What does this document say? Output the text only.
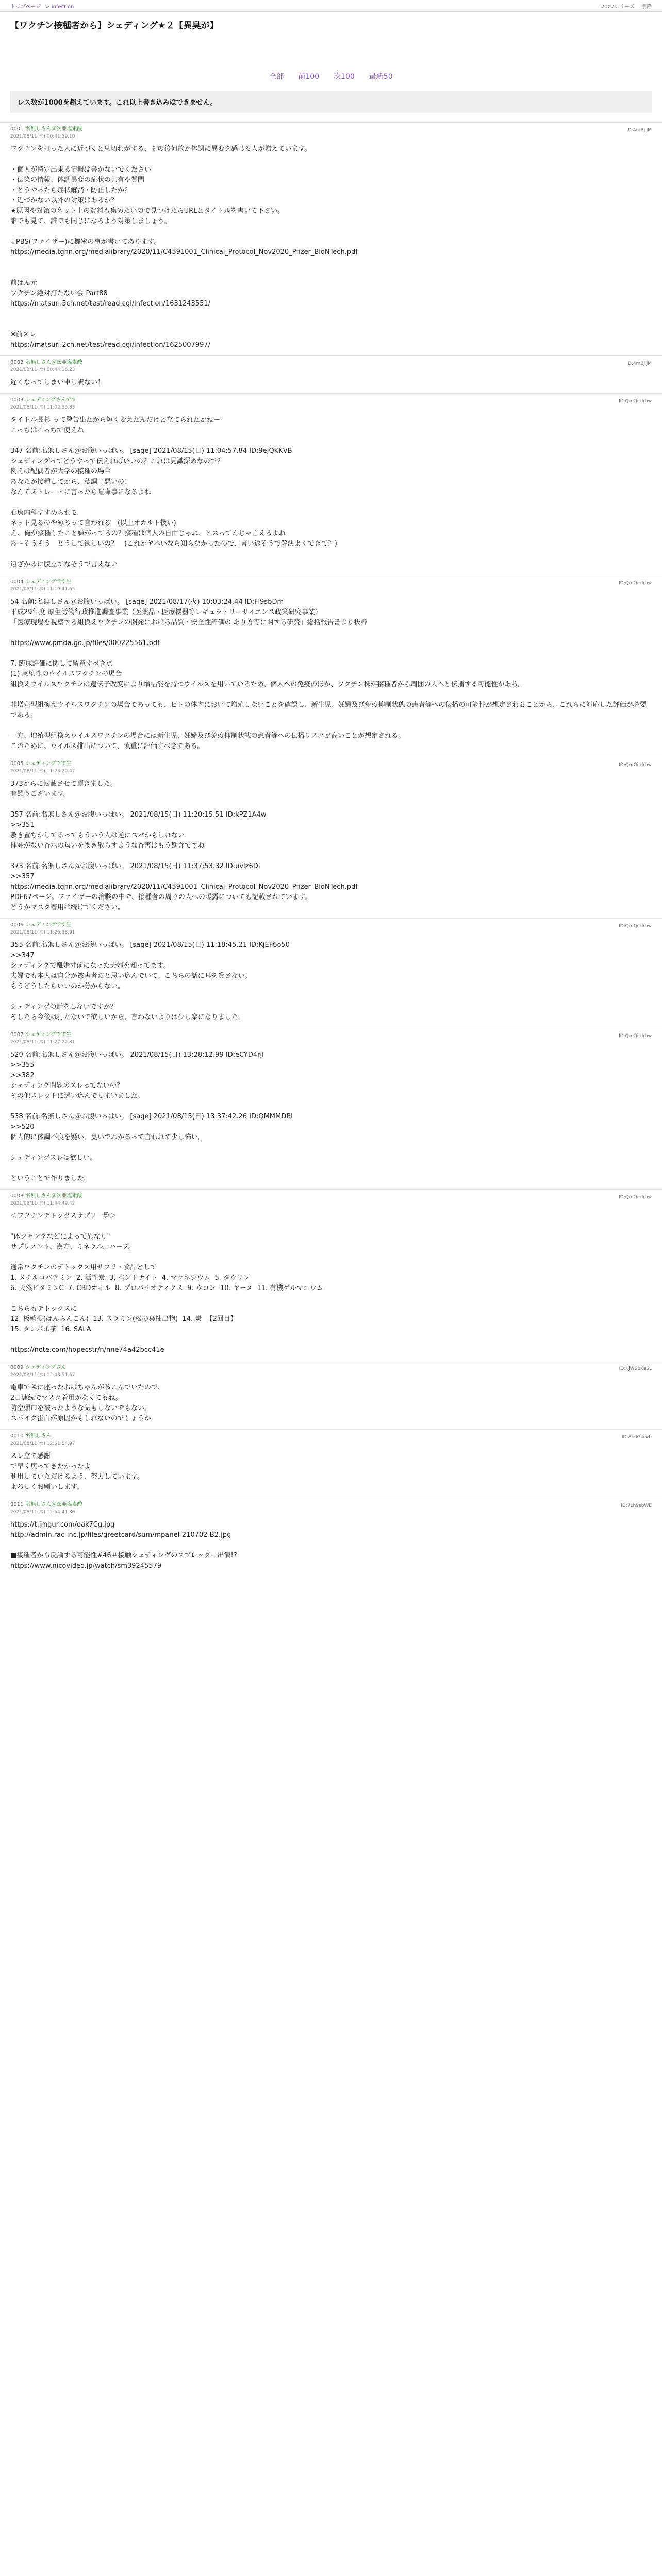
トップページ > infection	2002シリーズ 削除
【ワクチン接種者から】シェディング★２【異臭が】
全部 前100 次100 最新50
レス数が1000を超えています。これ以上書き込みはできません。
0001 名無しさん＠次亜塩素酸
2021/08/11(水) 00:41:59.10
ID:4mBjiJM
ワクチンを打った人に近づくと息切れがする、その後何故か体調に異変を感じる人が増えています。

・個人が特定出来る情報は書かないでください
・伝染の情報、体調異変の症状の共有や質問
・どうやったら症状解消・防止したか？
・近づかない以外の対策はあるか？
★原因や対策のネット上の資料も集めたいので見つけたらURLとタイトルを書いて下さい。
誰でも見て、誰でも同じになるよう対策しましょう。

↓PBS(ファイザー)に機密の事が書いてあります。
https://media.tghn.org/medialibrary/2020/11/C4591001_Clinical_Protocol_Nov2020_Pfizer_BioNTech.pdf

前ばん元
ワクチン絶対打たない会 Part88
https://matsuri.5ch.net/test/read.cgi/infection/1631243551/

※前スレ
https://matsuri.2ch.net/test/read.cgi/infection/1625007997/
0002 名無しさん＠次亜塩素酸
2021/08/11(水) 00:44:16.23
ID:4mBjiJM
遅くなってしまい申し訳ない！
0003 シェディングさんです
2021/08/11(水) 11:02:35.83
ID:QmQi+kbw
タイトル長杉 って警告出たから短く変えたんだけど立てられたかねー
こっちはこっちで使えね

347 名前:名無しさん＠お腹いっぱい。 [sage] 2021/08/15(日) 11:04:57.84 ID:9eJQKKVB
シェディングってどうやって伝えればいいの？これは見識深めなので？
例えば配偶者が大学の接種の場合
あなたが接種してから、私調子悪いの！
なんてストレートに言ったら喧嘩事になるよね

心療内科すすめられる
ネット見るのやめろって言われる　(以上オカルト扱い)
え、俺が接種したこと嫌がってるの？接種は個人の自由じゃね、ヒスってんじゃ言えるよね
あ～そうそう　どうして欲しいの？　(これがヤバいなら知らなかったので、言い返そうで解決よくできて？)

遠ざかるに腹立てなそうで言えない
0004 シェディングです生
2021/08/11(水) 11:19:41.65
ID:QmQi+kbw
54 名前:名無しさん＠お腹いっぱい。 [sage] 2021/08/17(火) 10:03:24.44 ID:Fl9sbDm
平成29年度 厚生労働行政推進調査事業（医薬品・医療機器等レギュラトリーサイエンス政策研究事業）
「医療現場を視察する組換えワクチンの開発における品質・安全性評価の あり方等に関する研究」総括報告書より抜粋

https://www.pmda.go.jp/files/000225561.pdf

7. 臨床評価に関して留意すべき点
(1) 感染性のウイルスワクチンの場合
組換えウイルスワクチンは遺伝子改変により増幅能を持つウイルスを用いているため、個人への免疫のほか、ワクチン株が接種者から周囲の人へと伝播する可能性がある。

非増殖型組換えウイルスワクチンの場合であっても、ヒトの体内において増殖しないことを確認し、新生児、妊婦及び免疫抑制状態の患者等への伝播の可能性が想定されることから、これらに対応した評価が必要である。

一方、増殖型組換えウイルスワクチンの場合には新生児、妊婦及び免疫抑制状態の患者等への伝播リスクが高いことが想定される。
このために、ウイルス排出について、慎重に評価すべきである。
0005 シェディングです生
2021/08/11(水) 11:23:20.47
ID:QmQi+kbw
373からに転載させて頂きました。
有難うございます。

357 名前:名無しさん＠お腹いっぱい。 2021/08/15(日) 11:20:15.51 ID:kPZ1A4w
>>351
敷き置ちかしてるってもういう人は逆にスパかもしれない
揮発がない香水の匂いをまき散らすような香害はもう勘弁ですね

373 名前:名無しさん＠お腹いっぱい。 2021/08/15(日) 11:37:53.32 ID:uvlz6Dl
>>357
https://media.tghn.org/medialibrary/2020/11/C4591001_Clinical_Protocol_Nov2020_Pfizer_BioNTech.pdf
PDF67ページ。ファイザーの治験の中で、接種者の周りの人への曝露についても記載されています。
どうかマスク着用は続けてください。
0006 シェディングです生
2021/08/11(水) 11:26:38.91
ID:QmQi+kbw
355 名前:名無しさん＠お腹いっぱい。 [sage] 2021/08/15(日) 11:18:45.21 ID:KjEF6o50
>>347
シェディングで離婚寸前になった夫婦を知ってます。
夫婦でも本人は自分が被害者だと思い込んでいて、こちらの話に耳を貸さない。
もうどうしたらいいのか分からない。

シェディングの話をしないですか？
そしたら今後は打たないで欲しいから、言わないよりは少し楽になりました。
0007 シェディングです生
2021/08/11(水) 11:27:22.81
ID:QmQi+kbw
520 名前:名無しさん＠お腹いっぱい。 2021/08/15(日) 13:28:12.99 ID:eCYD4rjl
>>355
>>382
シェディング問題のスレってないの？
その他スレッドに迷い込んでしまいました。

538 名前:名無しさん＠お腹いっぱい。 [sage] 2021/08/15(日) 13:37:42.26 ID:QMMMDBI
>>520
個人的に体調不良を疑い、臭いでわかるって言われて少し怖い。

シェディングスレは欲しい。

ということで作りました。
0008 名無しさん＠次亜塩素酸
2021/08/11(水) 11:44:49.42
ID:QmQi+kbw
＜ワクチンデトックスサプリ一覧＞

"体ジャンクなどによって異なり"
サプリメント、漢方、ミネラル、ハーブ。

通常ワクチンのデトックス用サプリ・食品として
1. メチルコバラミン  2. 活性炭  3. ベントナイト  4. マグネシウム  5. タウリン
6. 天然ビタミンC  7. CBDオイル  8. プロバイオティクス  9. ウコン  10. ヤーメ  11. 有機ゲルマニウム

こちらもデトックスに
12. 板藍根(ばんらんこん)  13. スラミン(松の葉抽出物)  14. 炭  【2回目】
15. タンポポ茶  16. SALA

https://note.com/hopecstr/n/nne74a42bcc41e
0009 シェディングさん
2021/08/11(水) 12:43:51.67
ID:KjWSbKaSL
電車で隣に座ったおばちゃんが咳こんでいたので、
2日連続でマスク着用がなくてもね。
防空頭巾を被ったような気もしないでもない。
スパイク蛋白が原因かもしれないのでしょうか
0010 名無しさん
2021/08/11(水) 12:51:54.97
ID:Ak0Gfkwb
スレ立て感謝
で早く戻ってきたかったよ
利用していただけるよう、努力しています。
よろしくお願いします。
0011 名無しさん＠次亜塩素酸
2021/08/11(水) 12:54:41.30
ID:7Lh9sbWE
https://t.imgur.com/oak7Cg.jpg
http://admin.rac-inc.jp/files/greetcard/sum/mpanel-210702-B2.jpg

■接種者から反論する可能性#46＃接触シェディングのスプレッダー出演!?
https://www.nicovideo.jp/watch/sm39245579
